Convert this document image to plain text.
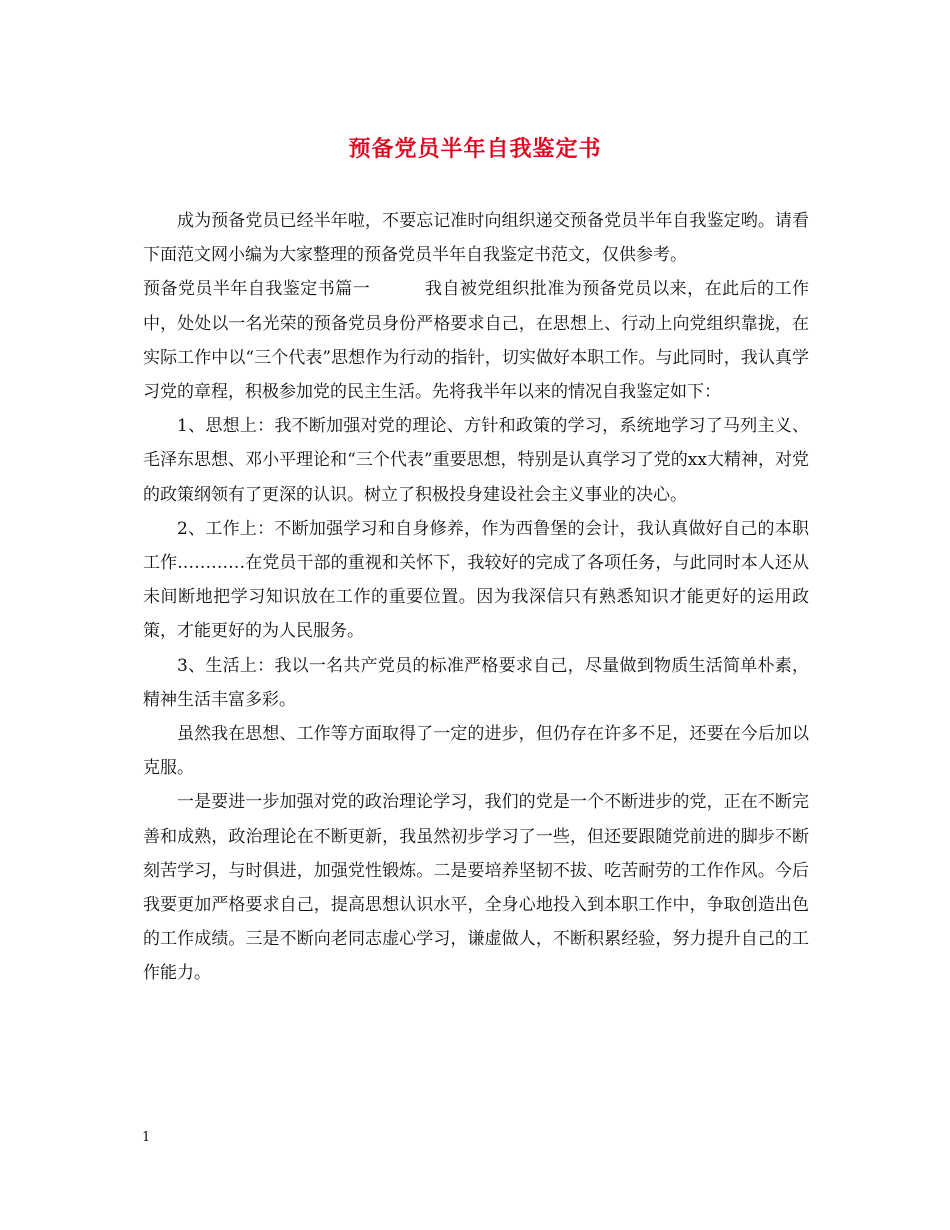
预备党员半年自我鉴定书

成为预备党员已经半年啦，不要忘记准时向组织递交预备党员半年自我鉴定哟。请看下面范文网小编为大家整理的预备党员半年自我鉴定书范文，仅供参考。

预备党员半年自我鉴定书篇一	我自被党组织批准为预备党员以来，在此后的工作中，处处以一名光荣的预备党员身份严格要求自己，在思想上、行动上向党组织靠拢，在实际工作中以“三个代表”思想作为行动的指针，切实做好本职工作。与此同时，我认真学习党的章程，积极参加党的民主生活。先将我半年以来的情况自我鉴定如下：

1、思想上：我不断加强对党的理论、方针和政策的学习，系统地学习了马列主义、毛泽东思想、邓小平理论和“三个代表”重要思想，特别是认真学习了党的xx大精神，对党的政策纲领有了更深的认识。树立了积极投身建设社会主义事业的决心。

2、工作上：不断加强学习和自身修养，作为西鲁堡的会计，我认真做好自己的本职工作…………在党员干部的重视和关怀下，我较好的完成了各项任务，与此同时本人还从未间断地把学习知识放在工作的重要位置。因为我深信只有熟悉知识才能更好的运用政策，才能更好的为人民服务。

3、生活上：我以一名共产党员的标准严格要求自己，尽量做到物质生活简单朴素，精神生活丰富多彩。

虽然我在思想、工作等方面取得了一定的进步，但仍存在许多不足，还要在今后加以克服。

一是要进一步加强对党的政治理论学习，我们的党是一个不断进步的党，正在不断完善和成熟，政治理论在不断更新，我虽然初步学习了一些，但还要跟随党前进的脚步不断刻苦学习，与时俱进，加强党性锻炼。二是要培养坚韧不拔、吃苦耐劳的工作作风。今后我要更加严格要求自己，提高思想认识水平，全身心地投入到本职工作中，争取创造出色的工作成绩。三是不断向老同志虚心学习，谦虚做人，不断积累经验，努力提升自己的工作能力。

1
